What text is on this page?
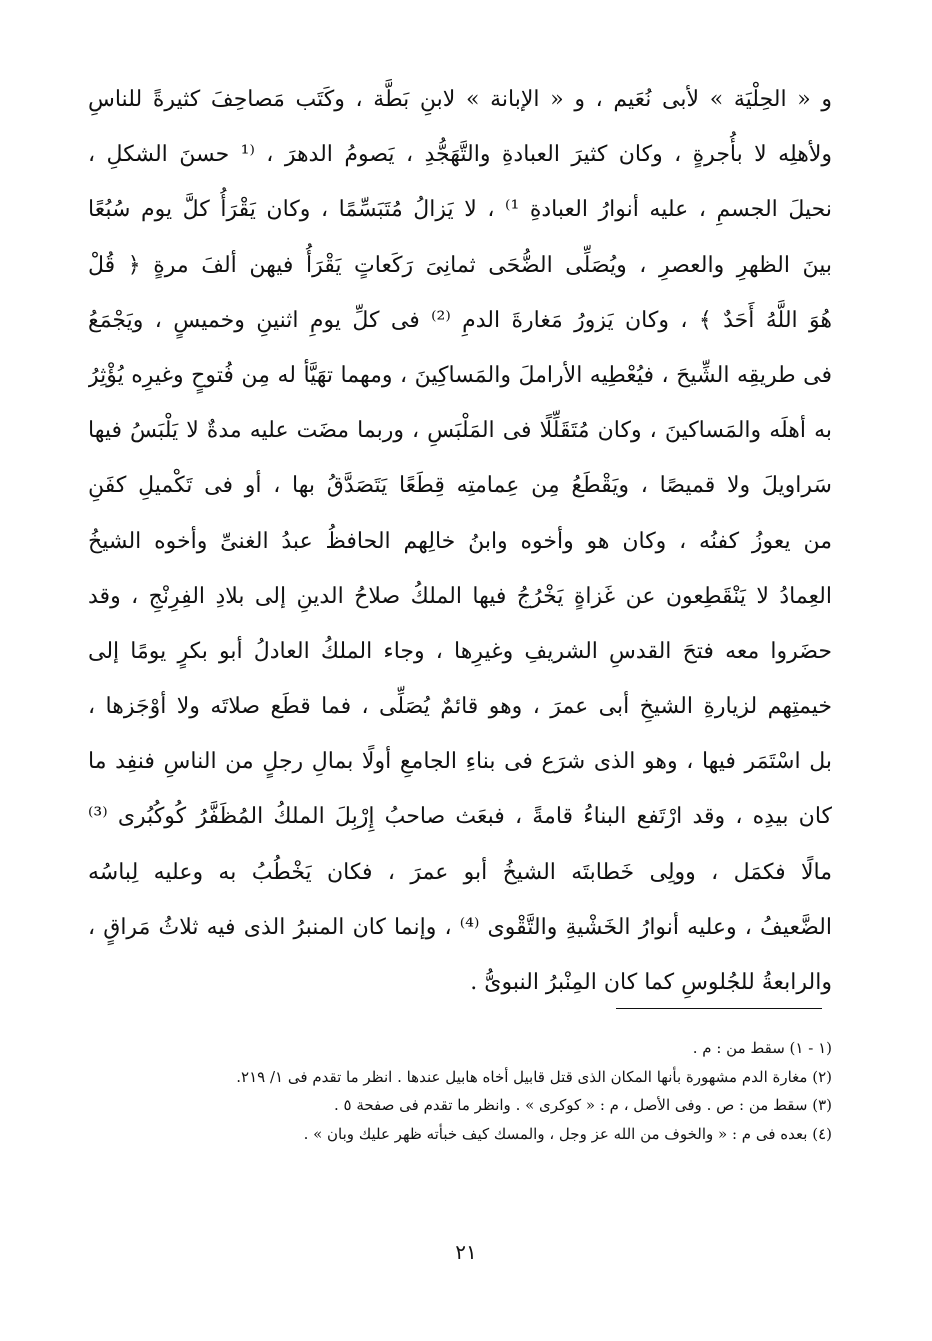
و « الحِلْيَة » لأبى نُعَيم ، و « الإبانة » لابنِ بَطَّة ، وكَتَب مَصاحِفَ كثيرةً للناسِ
ولأهلِه لا بأُجرةٍ ، وكان كثيرَ العبادةِ والتَّهَجُّدِ ، يَصومُ الدهرَ ، ⁽¹ حسنَ الشكلِ ،
نحيلَ الجسمِ ، عليه أنوارُ العبادةِ ¹⁾ ، لا يَزالُ مُتَبَسِّمًا ، وكان يَقْرَأُ كلَّ يوم سُبُعًا
بينَ الظهرِ والعصرِ ، ويُصَلِّى الضُّحَى ثمانِىَ رَكَعاتٍ يَقْرَأُ فيهن ألفَ مرةٍ ﴿ قُلْ
هُوَ اللَّهُ أَحَدٌ ﴾ ، وكان يَزورُ مَغارةَ الدمِ ⁽²⁾ فى كلِّ يومِ اثنينِ وخميسٍ ، ويَجْمَعُ
فى طريقِه الشِّيحَ ، فيُعْطِيه الأراملَ والمَساكِينَ ، ومهما تهَيَّأ له مِن فُتوحٍ وغيرِه يُؤْثِرُ
به أهلَه والمَساكينَ ، وكان مُتَقَلِّلًا فى المَلْبَسِ ، وربما مضَت عليه مدةٌ لا يَلْبَسُ فيها
سَراويلَ ولا قميصًا ، ويَقْطَعُ مِن عِمامتِه قِطَعًا يَتَصَدَّقُ بها ، أو فى تَكْميلِ كفَنِ
من يعوزُ كفنُه ، وكان هو وأخوه وابنُ خالِهم الحافظُ عبدُ الغنىِّ وأخوه الشيخُ
العِمادُ لا يَنْقَطِعون عن غَزاةٍ يَخْرُجُ فيها الملكُ صلاحُ الدينِ إلى بلادِ الفِرِنْجِ ، وقد
حضَروا معه فتحَ القدسِ الشريفِ وغيرِها ، وجاء الملكُ العادلُ أبو بكرٍ يومًا إلى
خيمتِهم لزيارةِ الشيخِ أبى عمرَ ، وهو قائمٌ يُصَلِّى ، فما قطَع صلاتَه ولا أوْجَزها ،
بل اسْتَمَر فيها ، وهو الذى شرَع فى بناءِ الجامعِ أولًا بمالِ رجلٍ من الناسِ فنفِد ما
كان بيدِه ، وقد ارْتَفع البناءُ قامةً ، فبعَث صاحبُ إِرْبِلَ الملكُ المُظَفَّرُ كُوكُبُرى ⁽³⁾
مالًا فكمَل ، وولِى خَطابتَه الشيخُ أبو عمرَ ، فكان يَخْطُبُ به وعليه لِباسُه
الضَّعيفُ ، وعليه أنوارُ الخَشْيةِ والتَّقْوى ⁽⁴⁾ ، وإنما كان المنبرُ الذى فيه ثلاثُ مَراقٍ ،
والرابعةُ للجُلوسِ كما كان المِنْبرُ النبوىُّ .
(١ - ١) سقط من : م .
(٢) مغارة الدم مشهورة بأنها المكان الذى قتل قابيل أخاه هابيل عندها . انظر ما تقدم فى ١/ ٢١٩.
(٣) سقط من : ص . وفى الأصل ، م : « كوكرى » . وانظر ما تقدم فى صفحة ٥ .
(٤) بعده فى م : « والخوف من الله عز وجل ، والمسك كيف خبأته ظهر عليك وبان » .
٢١
